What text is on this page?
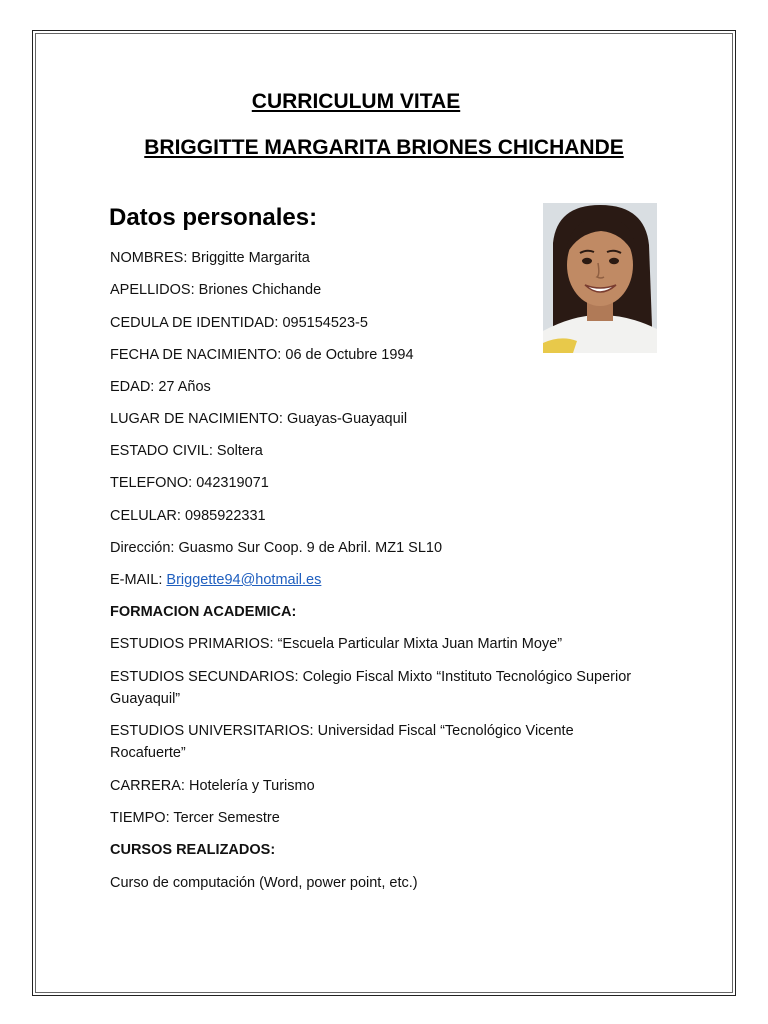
CURRICULUM VITAE
BRIGGITTE MARGARITA BRIONES CHICHANDE
Datos personales:
NOMBRES: Briggitte Margarita
APELLIDOS: Briones Chichande
CEDULA DE IDENTIDAD: 095154523-5
FECHA DE NACIMIENTO: 06 de Octubre 1994
EDAD: 27 Años
LUGAR DE NACIMIENTO: Guayas-Guayaquil
ESTADO CIVIL: Soltera
TELEFONO: 042319071
CELULAR: 0985922331
Dirección: Guasmo Sur Coop. 9 de Abril. MZ1 SL10
E-MAIL: Briggette94@hotmail.es
FORMACION ACADEMICA:
ESTUDIOS PRIMARIOS: “Escuela Particular Mixta Juan Martin Moye”
ESTUDIOS SECUNDARIOS: Colegio Fiscal Mixto “Instituto Tecnológico Superior Guayaquil”
ESTUDIOS UNIVERSITARIOS: Universidad Fiscal “Tecnológico Vicente Rocafuerte”
CARRERA: Hotelería y Turismo
TIEMPO: Tercer Semestre
CURSOS REALIZADOS:
Curso de computación (Word, power point, etc.)
